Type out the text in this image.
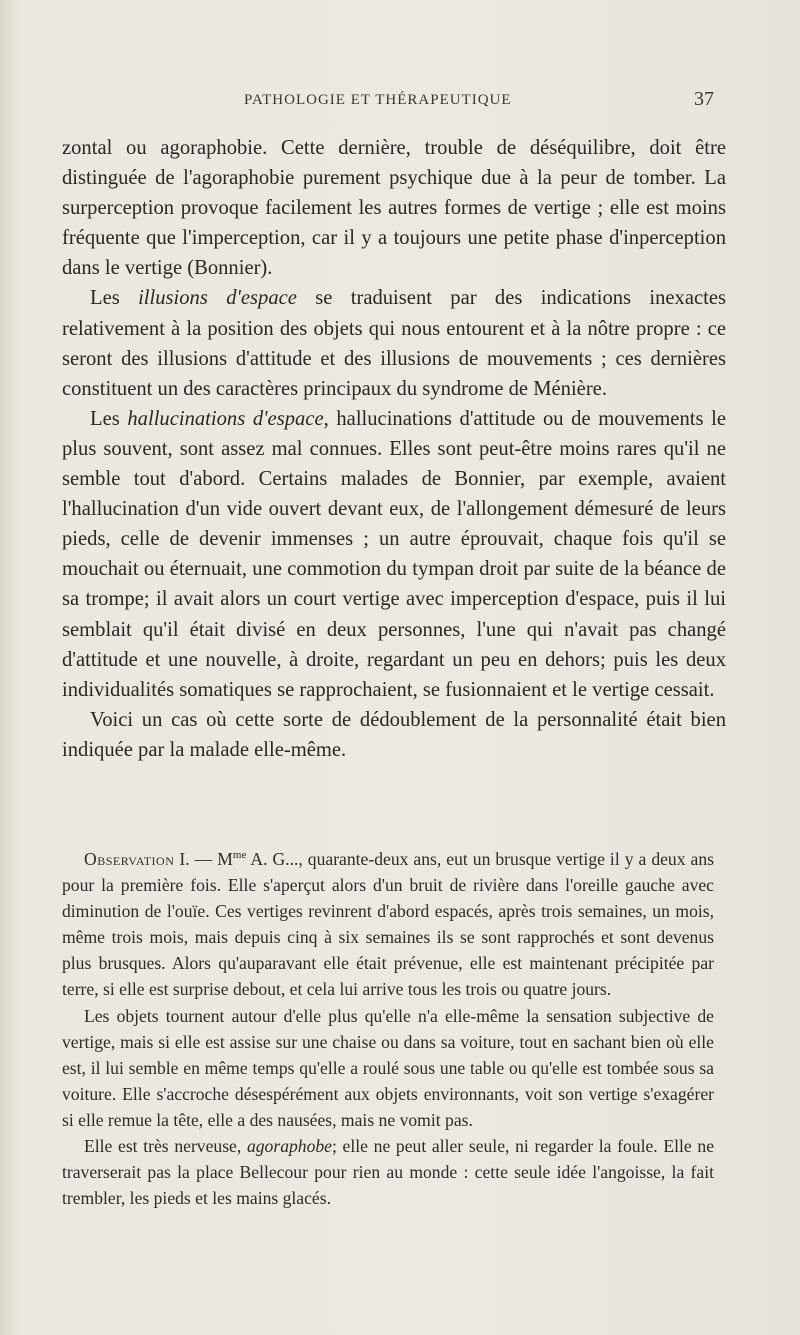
PATHOLOGIE ET THÉRAPEUTIQUE	37

zontal ou agoraphobie. Cette dernière, trouble de déséquilibre, doit être distinguée de l'agoraphobie purement psychique due à la peur de tomber. La surperception provoque facilement les autres formes de vertige ; elle est moins fréquente que l'imperception, car il y a toujours une petite phase d'inperception dans le vertige (Bonnier).

Les illusions d'espace se traduisent par des indications inexactes relativement à la position des objets qui nous entourent et à la nôtre propre : ce seront des illusions d'attitude et des illusions de mouvements ; ces dernières constituent un des caractères principaux du syndrome de Ménière.

Les hallucinations d'espace, hallucinations d'attitude ou de mouvements le plus souvent, sont assez mal connues. Elles sont peut-être moins rares qu'il ne semble tout d'abord. Certains malades de Bonnier, par exemple, avaient l'hallucination d'un vide ouvert devant eux, de l'allongement démesuré de leurs pieds, celle de devenir immenses ; un autre éprouvait, chaque fois qu'il se mouchait ou éternuait, une commotion du tympan droit par suite de la béance de sa trompe; il avait alors un court vertige avec imperception d'espace, puis il lui semblait qu'il était divisé en deux personnes, l'une qui n'avait pas changé d'attitude et une nouvelle, à droite, regardant un peu en dehors; puis les deux individualités somatiques se rapprochaient, se fusionnaient et le vertige cessait.

Voici un cas où cette sorte de dédoublement de la personnalité était bien indiquée par la malade elle-même.

Observation I. — $M^{me}$ A. G..., quarante-deux ans, eut un brusque vertige il y a deux ans pour la première fois. Elle s'aperçut alors d'un bruit de rivière dans l'oreille gauche avec diminution de l'ouïe. Ces vertiges revinrent d'abord espacés, après trois semaines, un mois, même trois mois, mais depuis cinq à six semaines ils se sont rapprochés et sont devenus plus brusques. Alors qu'auparavant elle était prévenue, elle est maintenant précipitée par terre, si elle est surprise debout, et cela lui arrive tous les trois ou quatre jours.

Les objets tournent autour d'elle plus qu'elle n'a elle-même la sensation subjective de vertige, mais si elle est assise sur une chaise ou dans sa voiture, tout en sachant bien où elle est, il lui semble en même temps qu'elle a roulé sous une table ou qu'elle est tombée sous sa voiture. Elle s'accroche désespérément aux objets environnants, voit son vertige s'exagérer si elle remue la tête, elle a des nausées, mais ne vomit pas.

Elle est très nerveuse, agoraphobe; elle ne peut aller seule, ni regarder la foule. Elle ne traverserait pas la place Bellecour pour rien au monde : cette seule idée l'angoisse, la fait trembler, les pieds et les mains glacés.
